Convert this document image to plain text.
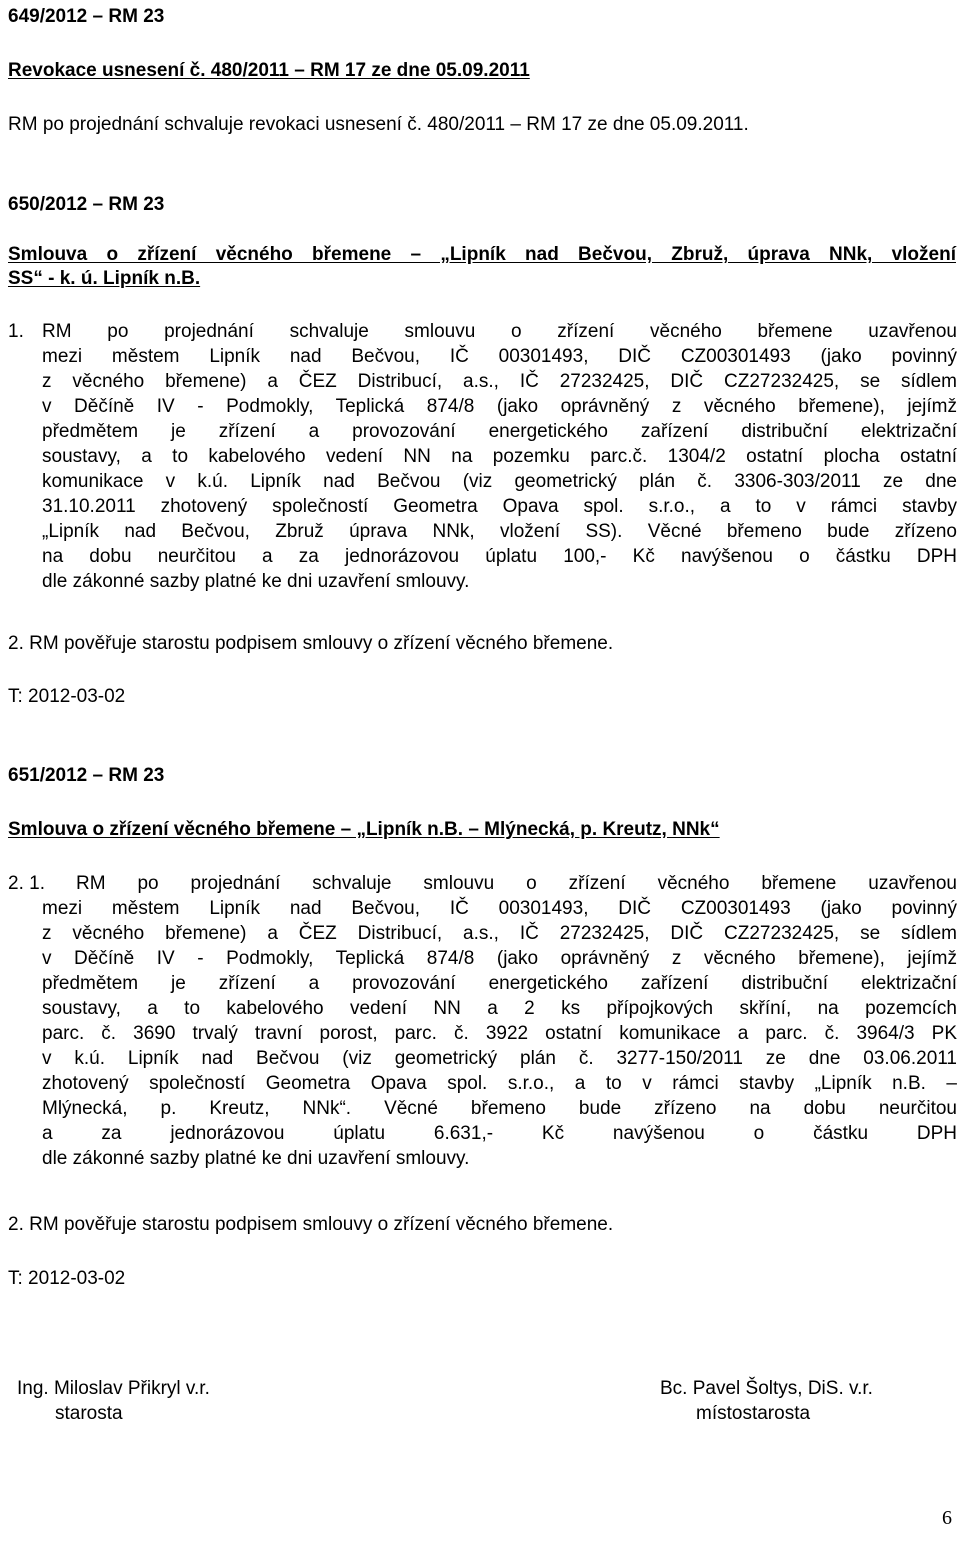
649/2012 – RM 23
Revokace usnesení č. 480/2011 – RM 17 ze dne 05.09.2011
RM po projednání schvaluje revokaci usnesení č. 480/2011 – RM 17 ze dne 05.09.2011.
650/2012 – RM 23
Smlouva o zřízení věcného břemene – „Lipník nad Bečvou, Zbruž, úprava NNk, vložení
SS“ - k. ú. Lipník n.B.
1. RM po projednání schvaluje smlouvu o zřízení věcného břemene uzavřenou
mezi městem Lipník nad Bečvou, IČ 00301493, DIČ CZ00301493 (jako povinný
z věcného břemene) a ČEZ Distribucí, a.s., IČ 27232425, DIČ CZ27232425, se sídlem
v Děčíně IV - Podmokly, Teplická 874/8 (jako oprávněný z věcného břemene), jejímž
předmětem je zřízení a provozování energetického zařízení distribuční elektrizační
soustavy, a to kabelového vedení NN na pozemku parc.č. 1304/2 ostatní plocha ostatní
komunikace v k.ú. Lipník nad Bečvou (viz geometrický plán č. 3306-303/2011 ze dne
31.10.2011 zhotovený společností Geometra Opava spol. s.r.o., a to v rámci stavby
„Lipník nad Bečvou, Zbruž úprava NNk, vložení SS). Věcné břemeno bude zřízeno
na dobu neurčitou a za jednorázovou úplatu 100,- Kč navýšenou o částku DPH
dle zákonné sazby platné ke dni uzavření smlouvy.
2. RM pověřuje starostu podpisem smlouvy o zřízení věcného břemene.
T: 2012-03-02
651/2012 – RM 23
Smlouva o zřízení věcného břemene – „Lipník n.B. – Mlýnecká, p. Kreutz, NNk“
2. 1. RM po projednání schvaluje smlouvu o zřízení věcného břemene uzavřenou
mezi městem Lipník nad Bečvou, IČ 00301493, DIČ CZ00301493 (jako povinný
z věcného břemene) a ČEZ Distribucí, a.s., IČ 27232425, DIČ CZ27232425, se sídlem
v Děčíně IV - Podmokly, Teplická 874/8 (jako oprávněný z věcného břemene), jejímž
předmětem je zřízení a provozování energetického zařízení distribuční elektrizační
soustavy, a to kabelového vedení NN a 2 ks přípojkových skříní, na pozemcích
parc. č. 3690 trvalý travní porost, parc. č. 3922 ostatní komunikace a parc. č. 3964/3 PK
v k.ú. Lipník nad Bečvou (viz geometrický plán č. 3277-150/2011 ze dne 03.06.2011
zhotovený společností Geometra Opava spol. s.r.o., a to v rámci stavby „Lipník n.B. –
Mlýnecká, p. Kreutz, NNk“. Věcné břemeno bude zřízeno na dobu neurčitou
a za jednorázovou úplatu 6.631,- Kč navýšenou o částku DPH
dle zákonné sazby platné ke dni uzavření smlouvy.
2. RM pověřuje starostu podpisem smlouvy o zřízení věcného břemene.
T: 2012-03-02
Ing. Miloslav Přikryl v.r.
starosta
Bc. Pavel Šoltys, DiS. v.r.
místostarosta
6
